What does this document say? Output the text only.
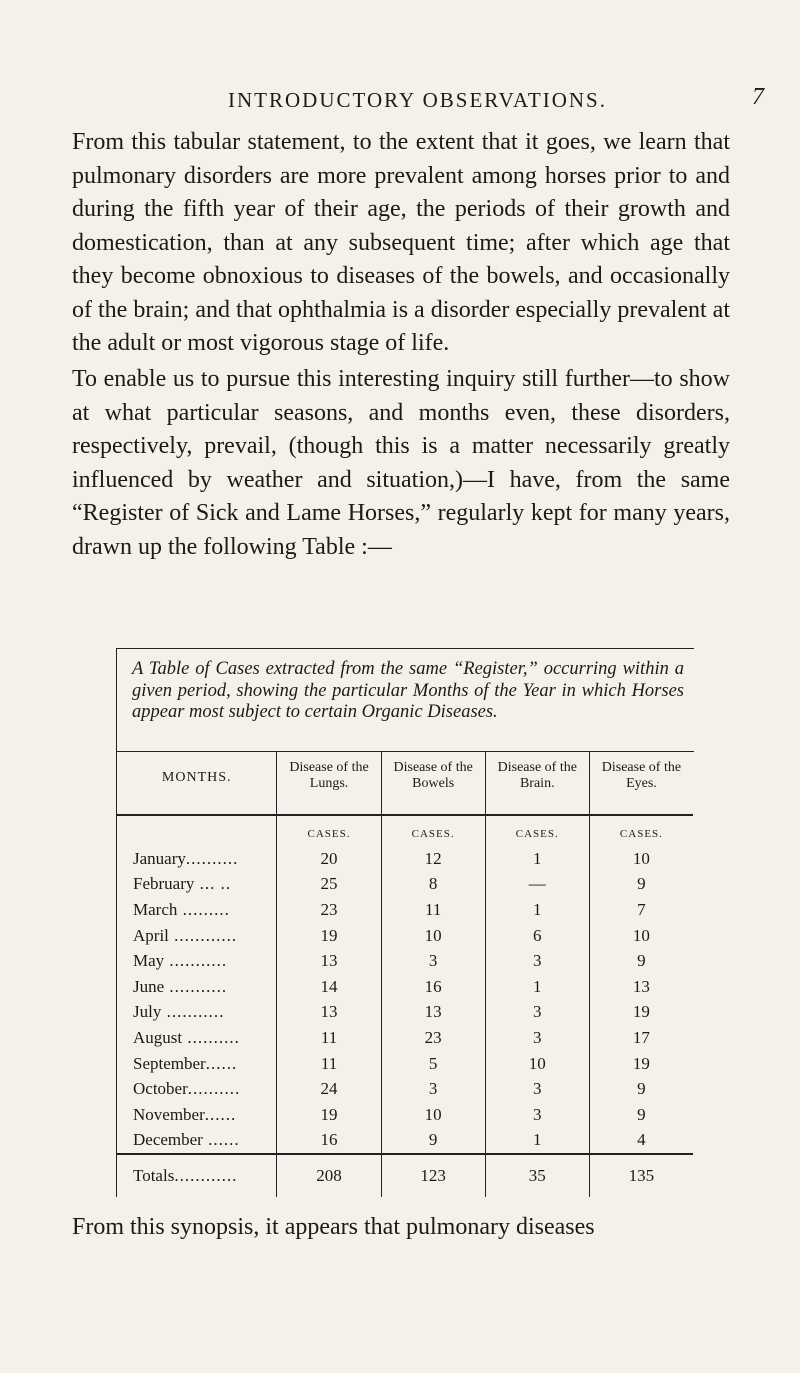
INTRODUCTORY OBSERVATIONS.	7
From this tabular statement, to the extent that it goes, we learn that pulmonary disorders are more prevalent among horses prior to and during the fifth year of their age, the periods of their growth and domestication, than at any subsequent time; after which age that they become obnoxious to diseases of the bowels, and occasionally of the brain; and that ophthalmia is a disorder especially prevalent at the adult or most vigorous stage of life.
To enable us to pursue this interesting inquiry still further—to show at what particular seasons, and months even, these disorders, respectively, prevail, (though this is a matter necessarily greatly influenced by weather and situation,)—I have, from the same “Register of Sick and Lame Horses,” regularly kept for many years, drawn up the following Table :—
A Table of Cases extracted from the same “Register,” occurring within a given period, showing the particular Months of the Year in which Horses appear most subject to certain Organic Diseases.
MONTHS.	Disease of the Lungs.	Disease of the Bowels	Disease of the Brain.	Disease of the Eyes.
	CASES.	CASES.	CASES.	CASES.
January..........	20	12	1	10
February ... ..	25	8	—	9
March .........	23	11	1	7
April ............	19	10	6	10
May ...........	13	3	3	9
June ...........	14	16	1	13
July ...........	13	13	3	19
August ..........	11	23	3	17
September......	11	5	10	19
October..........	24	3	3	9
November......	19	10	3	9
December ......	16	9	1	4
Totals............	208	123	35	135
From this synopsis, it appears that pulmonary diseases
